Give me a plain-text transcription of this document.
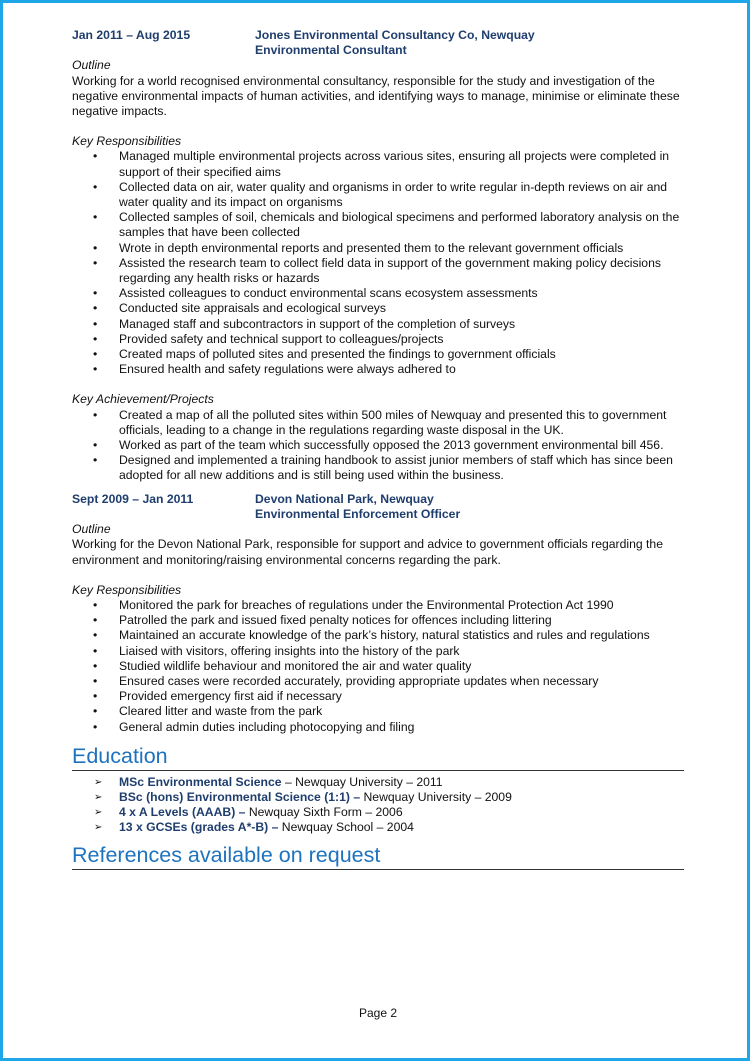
Jan 2011 – Aug 2015	Jones Environmental Consultancy Co, Newquay
Environmental Consultant
Outline

Working for a world recognised environmental consultancy, responsible for the study and investigation of the negative environmental impacts of human activities, and identifying ways to manage, minimise or eliminate these negative impacts.

Key Responsibilities
• Managed multiple environmental projects across various sites, ensuring all projects were completed in support of their specified aims
• Collected data on air, water quality and organisms in order to write regular in-depth reviews on air and water quality and its impact on organisms
• Collected samples of soil, chemicals and biological specimens and performed laboratory analysis on the samples that have been collected
• Wrote in depth environmental reports and presented them to the relevant government officials
• Assisted the research team to collect field data in support of the government making policy decisions regarding any health risks or hazards
• Assisted colleagues to conduct environmental scans ecosystem assessments
• Conducted site appraisals and ecological surveys
• Managed staff and subcontractors in support of the completion of surveys
• Provided safety and technical support to colleagues/projects
• Created maps of polluted sites and presented the findings to government officials
• Ensured health and safety regulations were always adhered to
Key Achievement/Projects
• Created a map of all the polluted sites within 500 miles of Newquay and presented this to government officials, leading to a change in the regulations regarding waste disposal in the UK.
• Worked as part of the team which successfully opposed the 2013 government environmental bill 456.
• Designed and implemented a training handbook to assist junior members of staff which has since been adopted for all new additions and is still being used within the business.
Sept 2009 – Jan 2011	Devon National Park, Newquay
Environmental Enforcement Officer
Outline

Working for the Devon National Park, responsible for support and advice to government officials regarding the environment and monitoring/raising environmental concerns regarding the park.

Key Responsibilities
• Monitored the park for breaches of regulations under the Environmental Protection Act 1990
• Patrolled the park and issued fixed penalty notices for offences including littering
• Maintained an accurate knowledge of the park’s history, natural statistics and rules and regulations
• Liaised with visitors, offering insights into the history of the park
• Studied wildlife behaviour and monitored the air and water quality
• Ensured cases were recorded accurately, providing appropriate updates when necessary
• Provided emergency first aid if necessary
• Cleared litter and waste from the park
• General admin duties including photocopying and filing
Education
➢ MSc Environmental Science – Newquay University – 2011
➢ BSc (hons) Environmental Science (1:1) – Newquay University – 2009
➢ 4 x A Levels (AAAB) – Newquay Sixth Form – 2006
➢ 13 x GCSEs (grades A*-B) – Newquay School – 2004
References available on request
Page 2
